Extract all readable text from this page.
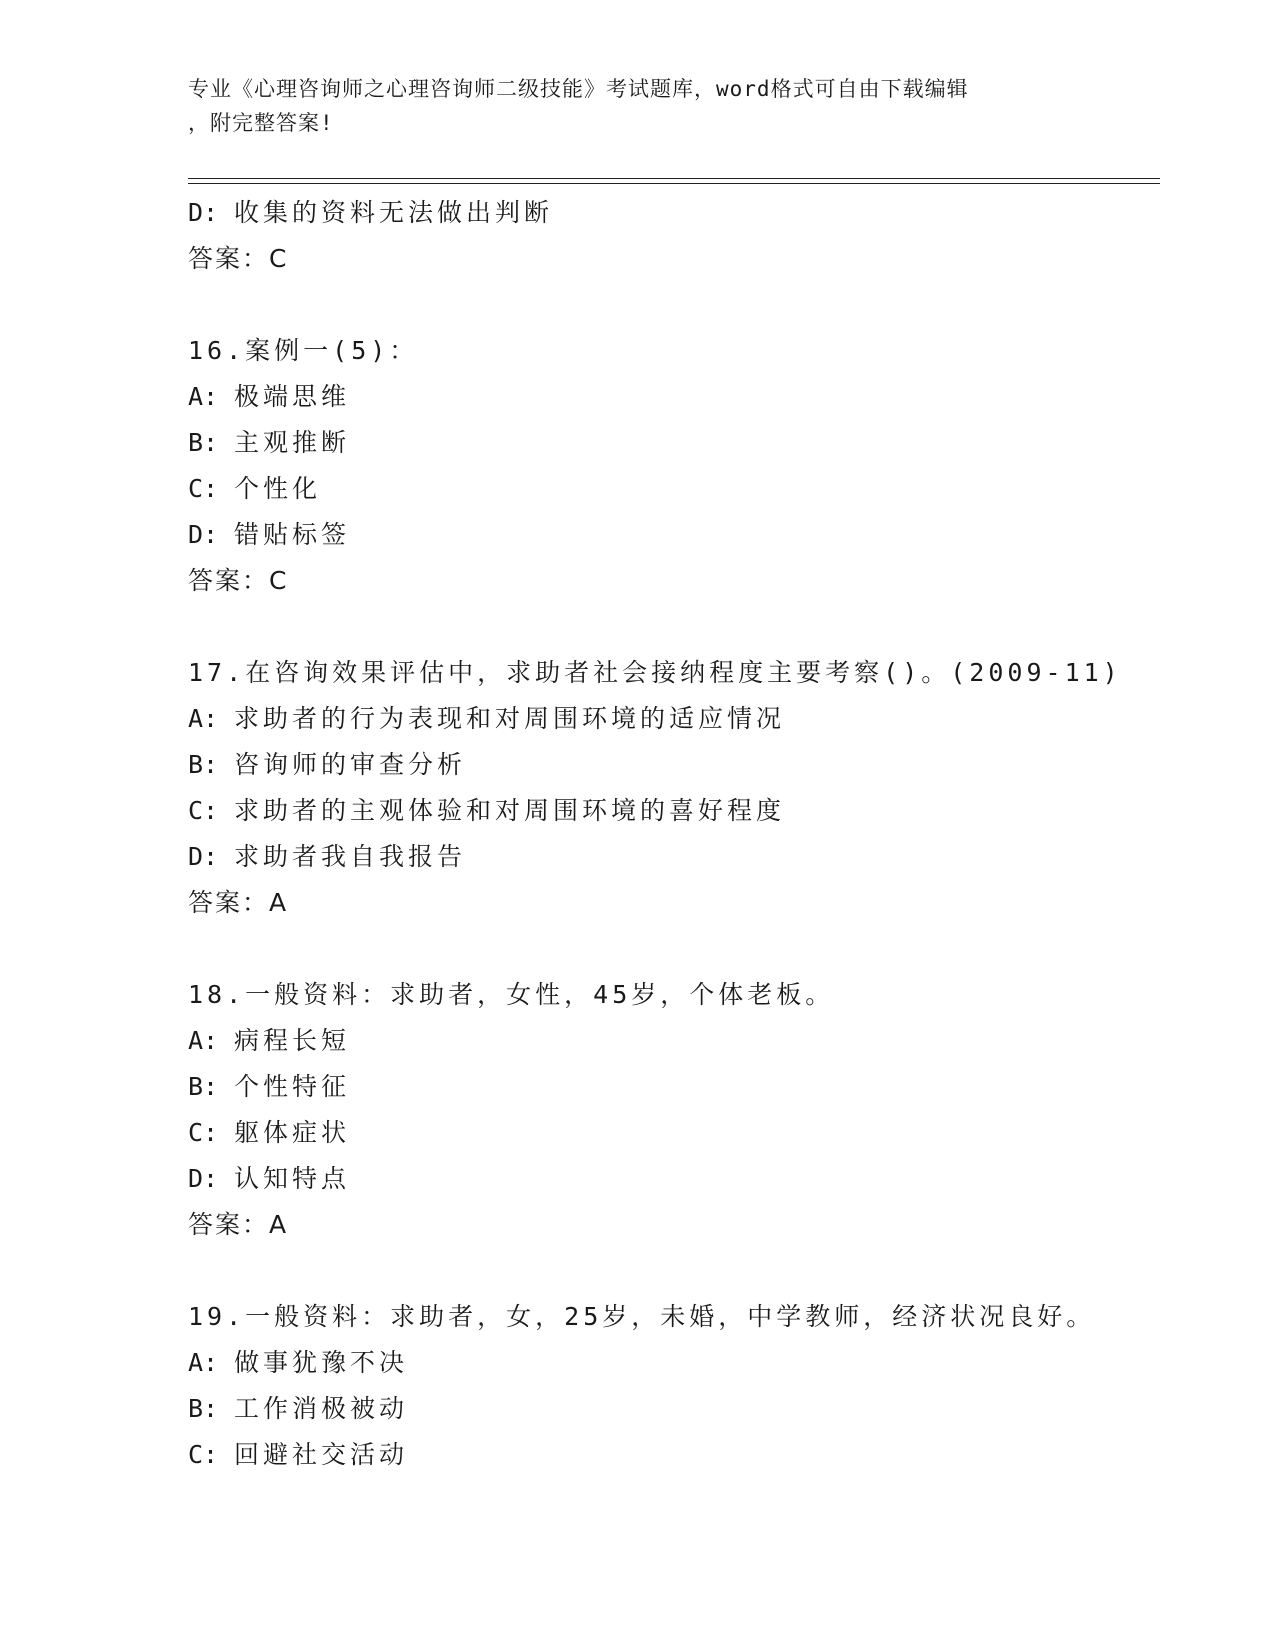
专业《心理咨询师之心理咨询师二级技能》考试题库，word格式可自由下载编辑
，附完整答案!
D: 收集的资料无法做出判断
答案：C
16.案例一(5)：
A: 极端思维
B: 主观推断
C: 个性化
D: 错贴标签
答案：C
17.在咨询效果评估中，求助者社会接纳程度主要考察()。(2009-11)
A: 求助者的行为表现和对周围环境的适应情况
B: 咨询师的审查分析
C: 求助者的主观体验和对周围环境的喜好程度
D: 求助者我自我报告
答案：A
18.一般资料：求助者，女性，45岁，个体老板。
A: 病程长短
B: 个性特征
C: 躯体症状
D: 认知特点
答案：A
19.一般资料：求助者，女，25岁，未婚，中学教师，经济状况良好。
A: 做事犹豫不决
B: 工作消极被动
C: 回避社交活动
